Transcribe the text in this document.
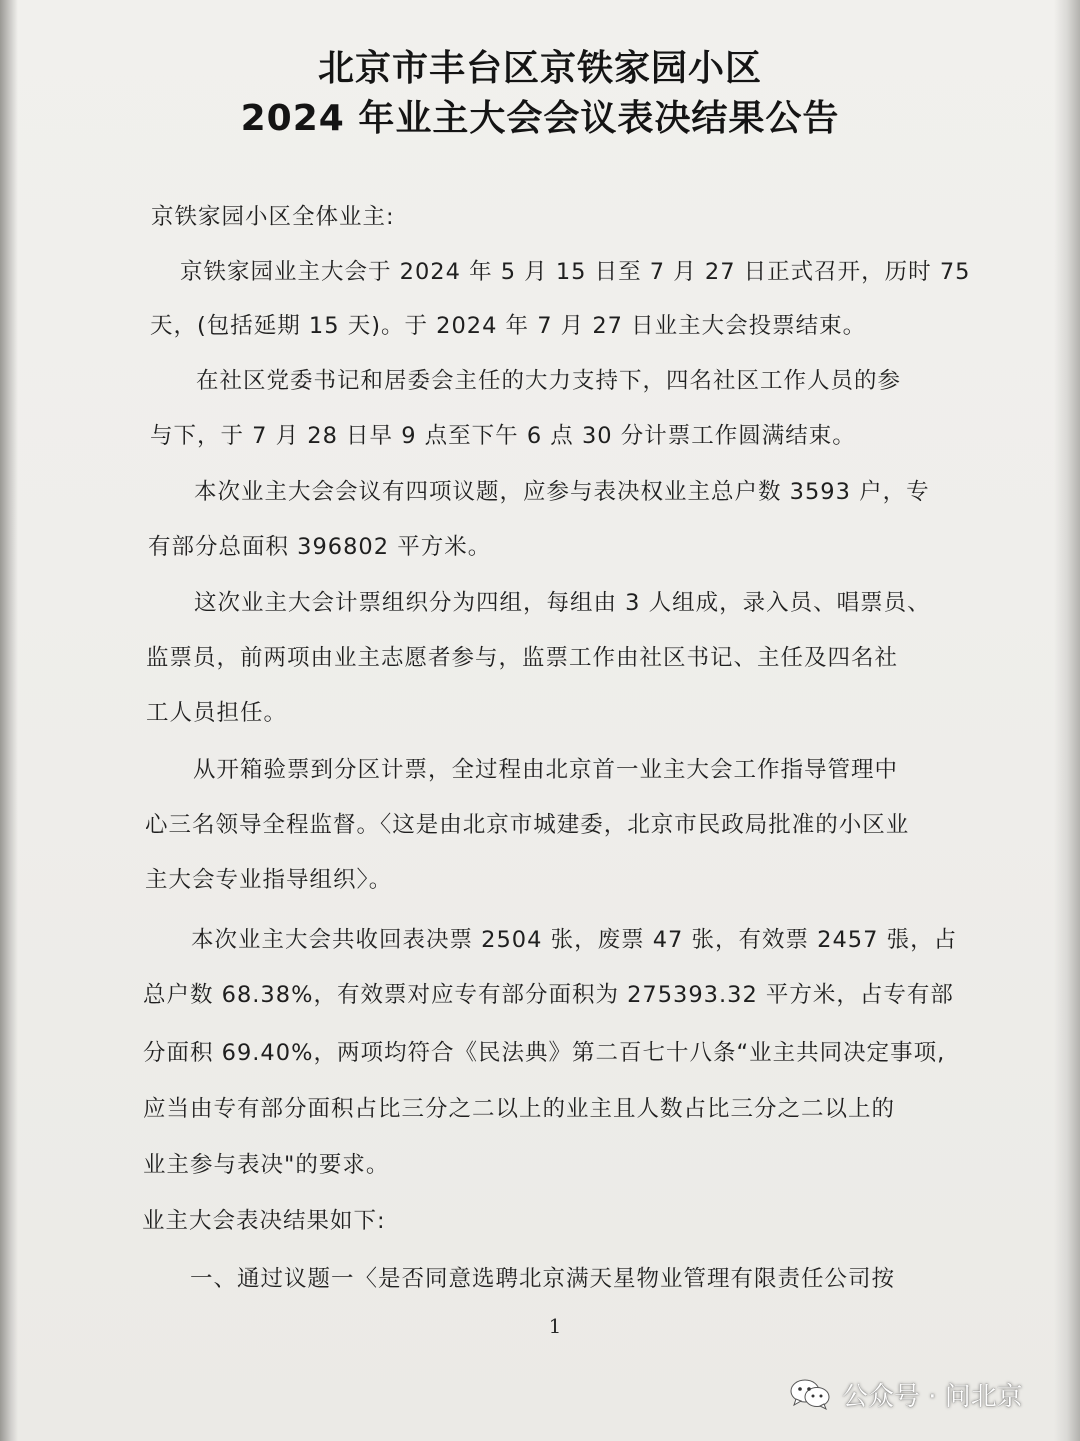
北京市丰台区京铁家园小区
2024 年业主大会会议表决结果公告
京铁家园小区全体业主:
京铁家园业主大会于 2024 年 5 月 15 日至 7 月 27 日正式召开，历时 75
天，(包括延期 15 天)。于 2024 年 7 月 27 日业主大会投票结束。
在社区党委书记和居委会主任的大力支持下，四名社区工作人员的参
与下，于 7 月 28 日早 9 点至下午 6 点 30 分计票工作圆满结束。
本次业主大会会议有四项议题，应参与表决权业主总户数 3593 户，专
有部分总面积 396802 平方米。
这次业主大会计票组织分为四组，每组由 3 人组成，录入员、唱票员、
监票员，前两项由业主志愿者参与，监票工作由社区书记、主任及四名社
工人员担任。
从开箱验票到分区计票，全过程由北京首一业主大会工作指导管理中
心三名领导全程监督。〈这是由北京市城建委，北京市民政局批准的小区业
主大会专业指导组织〉。
本次业主大会共收回表决票 2504 张，废票 47 张，有效票 2457 張，占
总户数 68.38%，有效票对应专有部分面积为 275393.32 平方米，占专有部
分面积 69.40%，两项均符合《民法典》第二百七十八条“业主共同决定事项,
应当由专有部分面积占比三分之二以上的业主且人数占比三分之二以上的
业主参与表决"的要求。
业主大会表决结果如下:
一、通过议题一〈是否同意选聘北京满天星物业管理有限责任公司按
1
公众号 · 问北京
